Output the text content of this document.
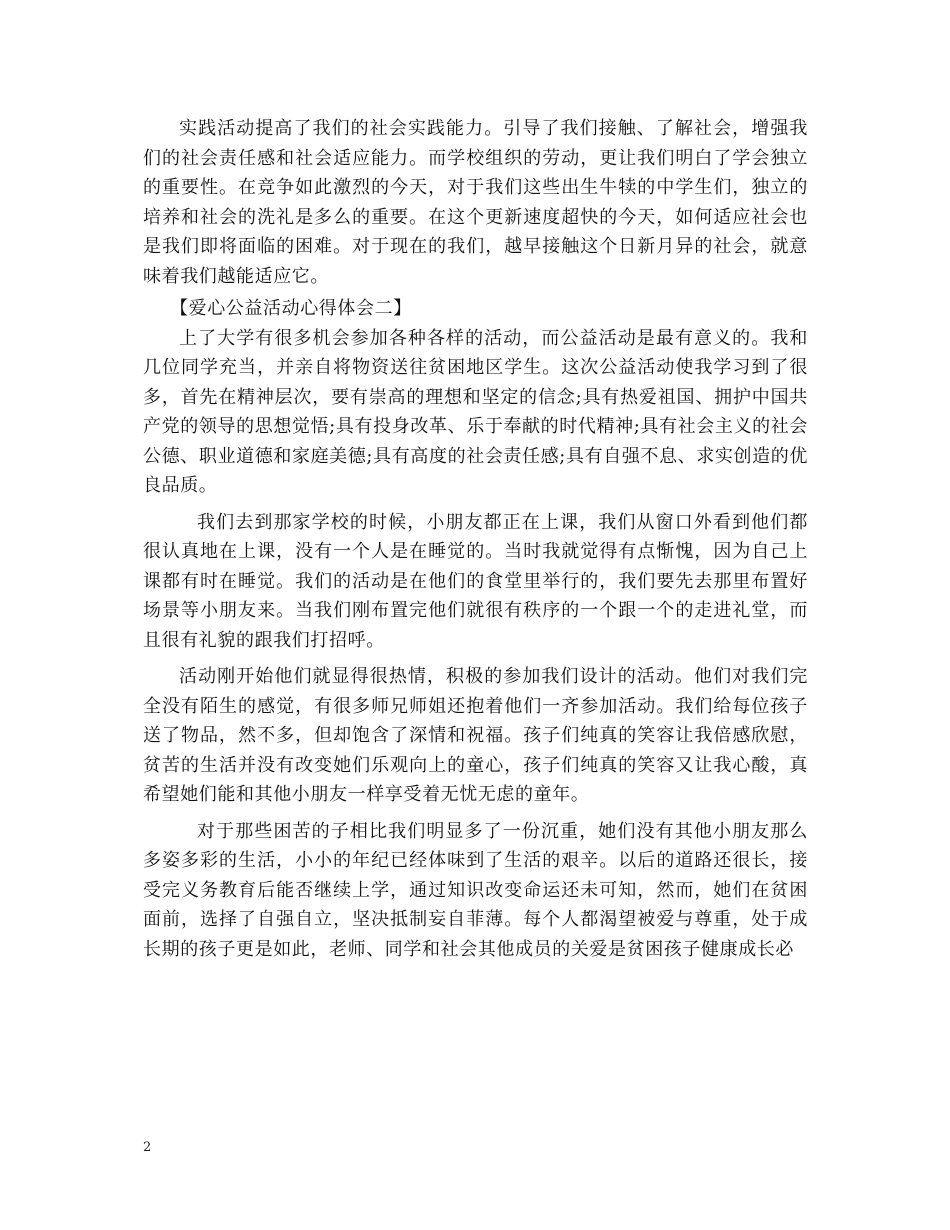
实践活动提高了我们的社会实践能力。引导了我们接触、了解社会，增强我们的社会责任感和社会适应能力。而学校组织的劳动，更让我们明白了学会独立的重要性。在竞争如此激烈的今天，对于我们这些出生牛犊的中学生们，独立的培养和社会的洗礼是多么的重要。在这个更新速度超快的今天，如何适应社会也是我们即将面临的困难。对于现在的我们，越早接触这个日新月异的社会，就意味着我们越能适应它。

【爱心公益活动心得体会二】

上了大学有很多机会参加各种各样的活动，而公益活动是最有意义的。我和几位同学充当，并亲自将物资送往贫困地区学生。这次公益活动使我学习到了很多，首先在精神层次，要有崇高的理想和坚定的信念;具有热爱祖国、拥护中国共产党的领导的思想觉悟;具有投身改革、乐于奉献的时代精神;具有社会主义的社会公德、职业道德和家庭美德;具有高度的社会责任感;具有自强不息、求实创造的优良品质。

我们去到那家学校的时候，小朋友都正在上课，我们从窗口外看到他们都很认真地在上课，没有一个人是在睡觉的。当时我就觉得有点惭愧，因为自己上课都有时在睡觉。我们的活动是在他们的食堂里举行的，我们要先去那里布置好场景等小朋友来。当我们刚布置完他们就很有秩序的一个跟一个的走进礼堂，而且很有礼貌的跟我们打招呼。

活动刚开始他们就显得很热情，积极的参加我们设计的活动。他们对我们完全没有陌生的感觉，有很多师兄师姐还抱着他们一齐参加活动。我们给每位孩子送了物品，然不多，但却饱含了深情和祝福。孩子们纯真的笑容让我倍感欣慰，贫苦的生活并没有改变她们乐观向上的童心，孩子们纯真的笑容又让我心酸，真希望她们能和其他小朋友一样享受着无忧无虑的童年。

对于那些困苦的子相比我们明显多了一份沉重，她们没有其他小朋友那么多姿多彩的生活，小小的年纪已经体味到了生活的艰辛。以后的道路还很长，接受完义务教育后能否继续上学，通过知识改变命运还未可知，然而，她们在贫困面前，选择了自强自立，坚决抵制妄自菲薄。每个人都渴望被爱与尊重，处于成长期的孩子更是如此，老师、同学和社会其他成员的关爱是贫困孩子健康成长必

2
